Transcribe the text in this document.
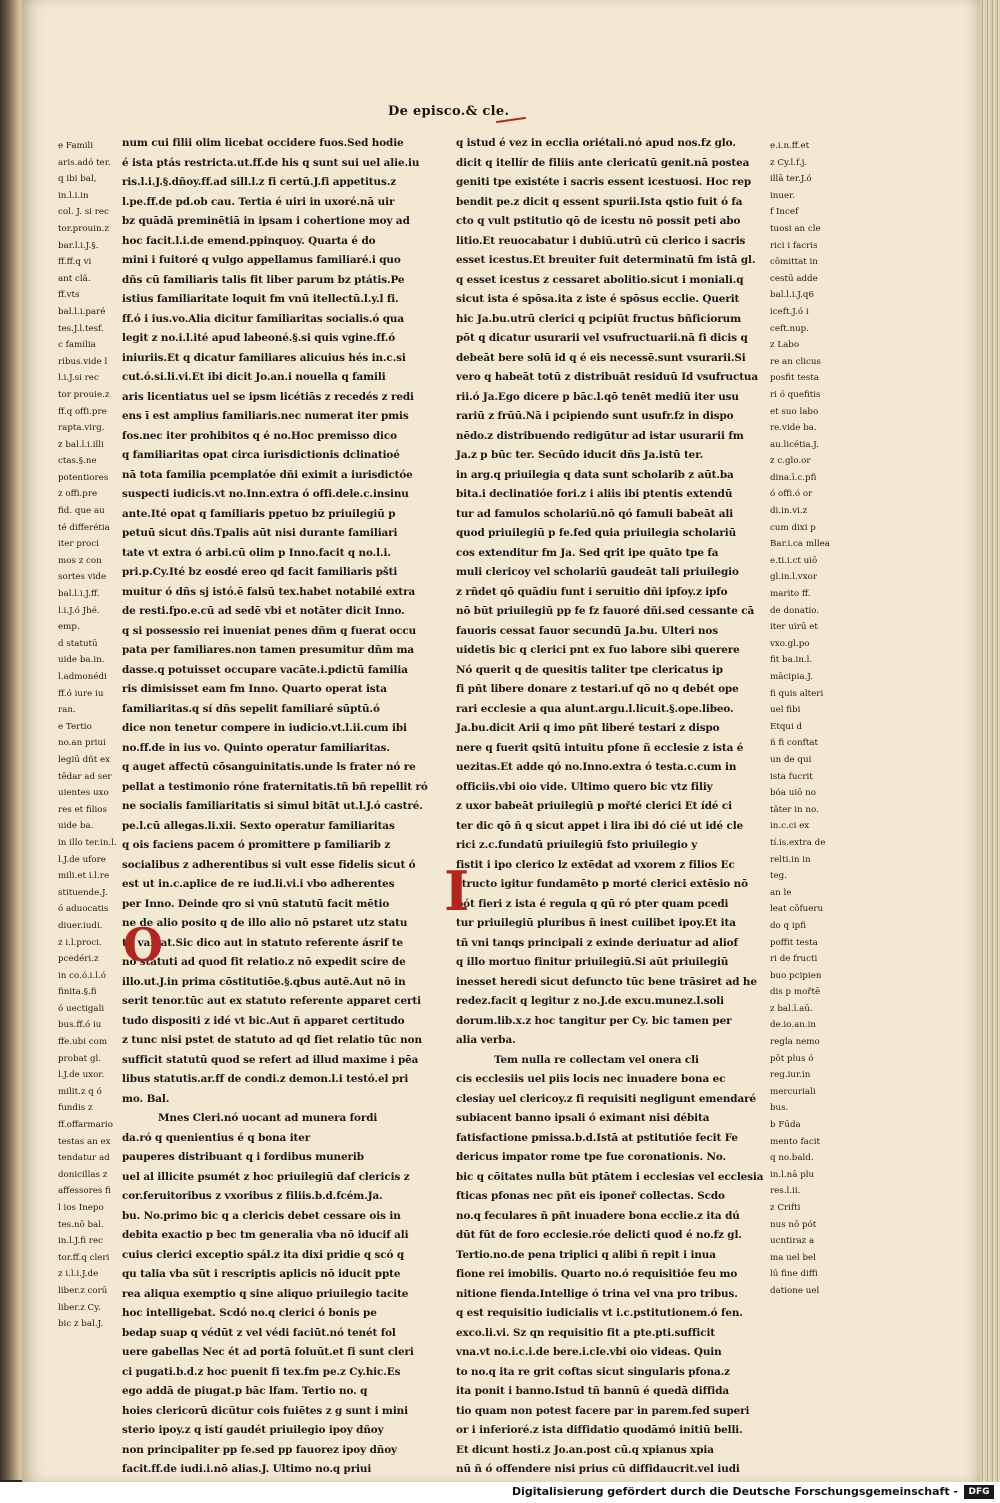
De episco.& cle.
e Famili
aris.adó ter.
q ibi bal,
in.l.i.in
col. J. si rec
tor.prouin.z
bar.l.i.J.§.
ff.ff.q vi
ant clã.
ff.vts
bal.l.i.paré
tes.J.l.tesf.
c familia
ribus.vide l
l.i.J.si rec
tor prouie.z
ff.q offi.pre
rapta.virg.
z bal.l.i.illi
ctas.§.ne
potentiores
z offi.pre
fid. que au
té differétia
iter proci
mos z con
sortes vide
bal.l.i.J.ff.
l.i.J.ó Jhé.
emp.
d statutū
uide ba.in.
l.admonédi
ff.ó iure iu
ran.
e Tertio
no.an priui
legiū dñt ex
tēdar ad ser
uientes uxo
res et filios
uide ba.
in illo ter.in.l.
l.J.de ufore
mili.et i.l.re
stituende.J.
ó aduocatis
diuer.iudi.
z i.l.proci.
pcedéri.z
in co.ó.i.l.ó
finita.§.fi
ó uectigali
bus.ff.ó iu
ffe.ubi com
probat gl.
l.J.de uxor.
milit.z q ó
fundis z
ff.offarmario
testas an ex
tendatur ad
donicillas z
affessores fi
l ios Inepo
tes.nō bal.
in.l.J.fi rec
tor.ff.q cleri
z i.l.i.J.de
liber.z corū
liber.z Cy.
bic z bal.J.
num cui filii olim licebat occidere fuos.Sed hodie
é ista ptás restricta.ut.ff.de his q sunt sui uel alie.iu
ris.l.i.J.§.dñoy.ff.ad sill.l.z fi certū.J.fi appetitus.z
l.pe.ff.de pd.ob cau. Tertia é uiri in uxoré.nā uir
bz quādā preminētiā in ipsam i cohertione moy ad
hoc facit.l.i.de emend.ppinquoy. Quarta é do
mini i fuitoré q vulgo appellamus familiaré.i quo
dñs cū familiaris talis fit liber parum bz ptátis.Pe
istius familiaritate loquit fm vnū itellectū.l.y.l fi.
ff.ó i ius.vo.Alia dicitur familiaritas socialis.ó qua
legit z no.i.l.ité apud labeoné.§.si quis vgine.ff.ó
iniuriis.Et q dicatur familiares alicuius hés in.c.si
cut.ó.si.li.vi.Et ibi dicit Jo.an.i nouella q famili
aris licentiatus uel se ipsm licétiās z recedés z redi
ens ī est amplius familiaris.nec numerat iter pmis
fos.nec iter prohibitos q é no.Hoc premisso dico
q familiaritas opat circa iurisdictionis dclinatioé
nā tota familia pcemplatóe dñi eximit a iurisdictóe
suspecti iudicis.vt no.Inn.extra ó offi.dele.c.insinu
ante.Ité opat q familiaris ppetuo bz priuilegiū p
petuū sicut dñs.Tpalis aūt nisi durante familiari
tate vt extra ó arbi.cū olim p Inno.facit q no.l.i.
pri.p.Cy.Ité bz eosdé ereo qd facit familiaris pšti
muitur ó dñs sj istó.ē falsū tex.habet notabilé extra
de resti.fpo.e.cū ad sedē vbi et notāter dicit Inno.
q si possessio rei inueniat penes dñm q fuerat occu
pata per familiares.non tamen presumitur dñm ma
dasse.q potuisset occupare vacāte.i.pdictū familia
ris dimisisset eam fm Inno. Quarto operat ista
familiaritas.q sí dñs sepelit familiaré sūptū.ó
dice non tenetur compere in iudicio.vt.l.ii.cum ibi
no.ff.de in ius vo. Quinto operatur familiaritas.
q auget affectū cōsanguinitatis.unde ls frater nó re
pellat a testimonio róne fraternitatis.tñ bñ repellit ró
ne socialis familiaritatis si simul bitāt ut.l.J.ó castré.
pe.l.cū allegas.li.xii. Sexto operatur familiaritas
q ois faciens pacem ó promittere p familiarib z
socialibus z adherentibus si vult esse fidelis sicut ó
est ut in.c.aplice de re iud.li.vi.i vbo adherentes
per Inno. Deinde qro si vnū statutū facit mētio
ne de alio posito q de illo alio nō pstaret utz statu
tū valeat.Sic dico aut in statuto referente ásrif te
no statuti ad quod fit relatio.z nō expedit scire de
illo.ut.J.in prima cōstitutiōe.§.qbus autē.Aut nō in
serit tenor.tūc aut ex statuto referente apparet certi
tudo dispositi z idé vt bic.Aut ñ apparet certitudo
z tunc nisi pstet de statuto ad qd fiet relatio tūc non
sufficit statutū quod se refert ad illud maxime i pēa
libus statutis.ar.ff de condi.z demon.l.i testó.el pri
mo. Bal.
Mnes Cleri.nó uocant ad munera fordi
da.ró q quenientius é q bona iter
pauperes distribuant q i fordibus munerib
uel al illicite psumét z hoc priuilegiū daf clericis z
cor.feruitoribus z vxoribus z filiis.b.d.fcém.Ja.
bu. No.primo bic q a clericis debet cessare ois in
debita exactio p bec tm generalia vba nō iducif ali
cuius clerici exceptio spál.z ita dixi pridie q scó q
qu talia vba sūt i rescriptis aplicis nō iducit ppte
rea aliqua exemptio q sine aliquo priuilegio tacite
hoc intelligebat. Scdó no.q clerici ó bonis pe
bedap suap q védūt z vel védi faciūt.nó tenét fol
uere gabellas Nec ét ad portā foluūt.et fi sunt cleri
ci pugati.b.d.z hoc puenit fi tex.fm pe.z Cy.hic.Es
ego addā de piugat.p bāc lfam. Tertio no. q
hoies clericorū dicūtur cois fuiētes z g sunt i mini
sterio ipoy.z q istí gaudét priuilegio ipoy dñoy
non principaliter pp fe.sed pp fauorez ipoy dñoy
facit.ff.de iudi.i.nō alias.J. Ultimo no.q priui
q istud é vez in ecclia oriétali.nó apud nos.fz glo.
dicit q itellír de filiis ante clericatū genit.nā postea
geniti tpe existéte i sacris essent icestuosi. Hoc rep
bendit pe.z dicit q essent spurii.Ista qstio fuit ó fa
cto q vult pstitutio qō de icestu nō possit peti abo
litio.Et reuocabatur i dubiū.utrū cū clerico i sacris
esset icestus.Et breuiter fuit determinatū fm istā gl.
q esset icestus z cessaret abolitio.sicut i moniali.q
sicut ista é spōsa.ita z iste é spōsus ecclie. Querit
hic Ja.bu.utrū clerici q pcipiūt fructus bñficiorum
pōt q dicatur usurarii vel vsufructuarii.nā fi dicis q
debeāt bere solū id q é eis necessē.sunt vsurarii.Si
vero q habeāt totū z distribuāt residuū Id vsufructua
rii.ó Ja.Ego dicere p bāc.l.qō tenēt mediū iter usu
rariū z frūū.Nā i pcipiendo sunt usufr.fz in dispo
nēdo.z distribuendo redigūtur ad istar usurarii fm
Ja.z p būc ter. Secūdo iducit dñs Ja.istū ter.
in arg.q priuilegia q data sunt scholarib z aūt.ba
bita.i declinatióe fori.z i aliis ibi ptentis extendū
tur ad famulos scholariū.nō qó famuli babeāt ali
quod priuilegiū p fe.fed quia priuilegia scholariū
cos extenditur fm Ja. Sed qrit ipe quāto tpe fa
muli clericoy vel scholariū gaudeāt tali priuilegio
z rñdet qō quādiu funt i seruitio dñi ipfoy.z ipfo
nō būt priuilegiū pp fe fz fauoré dñi.sed cessante cā
fauoris cessat fauor secundū Ja.bu. Ulteri nos
uidetis bic q clerici pnt ex fuo labore sibi querere
Nó querit q de quesitis taliter tpe clericatus ip
fi pñt libere donare z testari.uf qō no q debét ope
rari ecclesie a qua alunt.argu.l.licuit.§.ope.libeo.
Ja.bu.dicit Arii q imo pñt liberé testari z dispo
nere q fuerit qsitū intuitu pfone ñ ecclesie z ista é
uezitas.Et adde qó no.Inno.extra ó testa.c.cum in
officiis.vbi oio vide. Ultimo quero bic vtz filiy
z uxor babeāt priuilegiū p mořté clerici Et ídé ci
ter dic qō ñ q sicut appet i lira ibi dó cié ut idé cle
rici z.c.fundatū priuilegiū fsto priuilegio y
fistit i ipo clerico lz extēdat ad vxorem z filios Ec
structo igitur fundamēto p morté clerici extēsio nō
pót fieri z ista é regula q qū ró pter quam pcedi
tur priuilegiū pluribus ñ inest cuilibet ipoy.Et ita
tñ vni tanqs principali z exinde deriuatur ad aliof
q illo mortuo finitur priuilegiū.Si aūt priuilegiū
inesset heredi sicut defuncto tūc bene trāsiret ad he
redez.facit q legitur z no.J.de excu.munez.l.soli
dorum.lib.x.z hoc tangitur per Cy. bic tamen per
alia verba.
Tem nulla re collectam vel onera cli
cis ecclesiis uel piis locis nec inuadere bona ec
clesiay uel clericoy.z fi requisiti negligunt emendaré
subiacent banno ipsali ó eximant nisi débita
fatisfactione pmissa.b.d.Istā at pstitutióe fecit Fe
dericus impator rome tpe fue coronationis. No.
bic q cōitates nulla būt ptātem i ecclesias vel ecclesia
fticas pfonas nec pñt eis iponeř collectas. Scdo
no.q feculares ñ pñt inuadere bona ecclie.z ita dú
dūt fūt de foro ecclesie.róe delicti quod é no.fz gl.
Tertio.no.de pena triplici q alibi ñ repit i inua
fione rei imobilis. Quarto no.ó requisitióe feu mo
nitione fienda.Intellige ó trina vel vna pro tribus.
q est requisitio iudicialis vt i.c.pstitutionem.ó fen.
exco.li.vi. Sz qn requisitio fit a pte.pti.sufficit
vna.vt no.i.c.i.de bere.i.cle.vbi oio videas. Quin
to no.q ita re grit coftas sicut singularis pfona.z
ita ponit i banno.Istud tñ bannū é quedā diffida
tio quam non potest facere par in parem.fed superi
or i inferioré.z ista diffidatio quodāmó initiū belli.
Et dicunt hosti.z Jo.an.post cū.q xpianus xpia
nū ñ ó offendere nisi prius cū diffidaucrit.vel iudi
e.i.n.ff.et
z Cy.l.f.j.
illā ter.J.ó
inuer.
f Incef
tuosi an cle
rici i facris
cōmittat in
cestū adde
bal.l.i.J.q6
iceft.J.ó i
ceft.nup.
z Labo
re an clicus
posfit testa
ri ó quefitis
et suo labo
re.vide ba.
au.licétia.J.
z c.glo.or
dina.ī.c.pfi
ó offi.ó or
di.in.vi.z
cum dixi p
Bar.i.ca mllea
e.ti.i.ct uiō
gl.in.l.vxor
marito ff.
de donatio.
iter uirū et
vxo.gl.po
fit ba.in.l.
mācipia.J.
fi quis alteri
uel fibi
Etqui d
ñ fi conftat
un de qui
ista fucrit
bóa uiō no
tāter in no.
in.c.ci ex
tí.is.extra de
relti.in in
teg.
an le
leat cōfueru
do q ipfi
poffit testa
ri de fructi
buo pcipien
dis p mořtē
z bal.ī.aū.
de.io.an.in
regla nemo
pōt plus ó
reg.iur.in
mercuriali
bus.
b Fūda
mento facit
q no.bald.
in.l.nā plu
res.l.ii.
z Crifti
nus nō pót
ucntiraz a
ma uel bel
lū fine diffi
datione uel
O
I
Digitalisierung gefördert durch die Deutsche Forschungsgemeinschaft -	DFG
